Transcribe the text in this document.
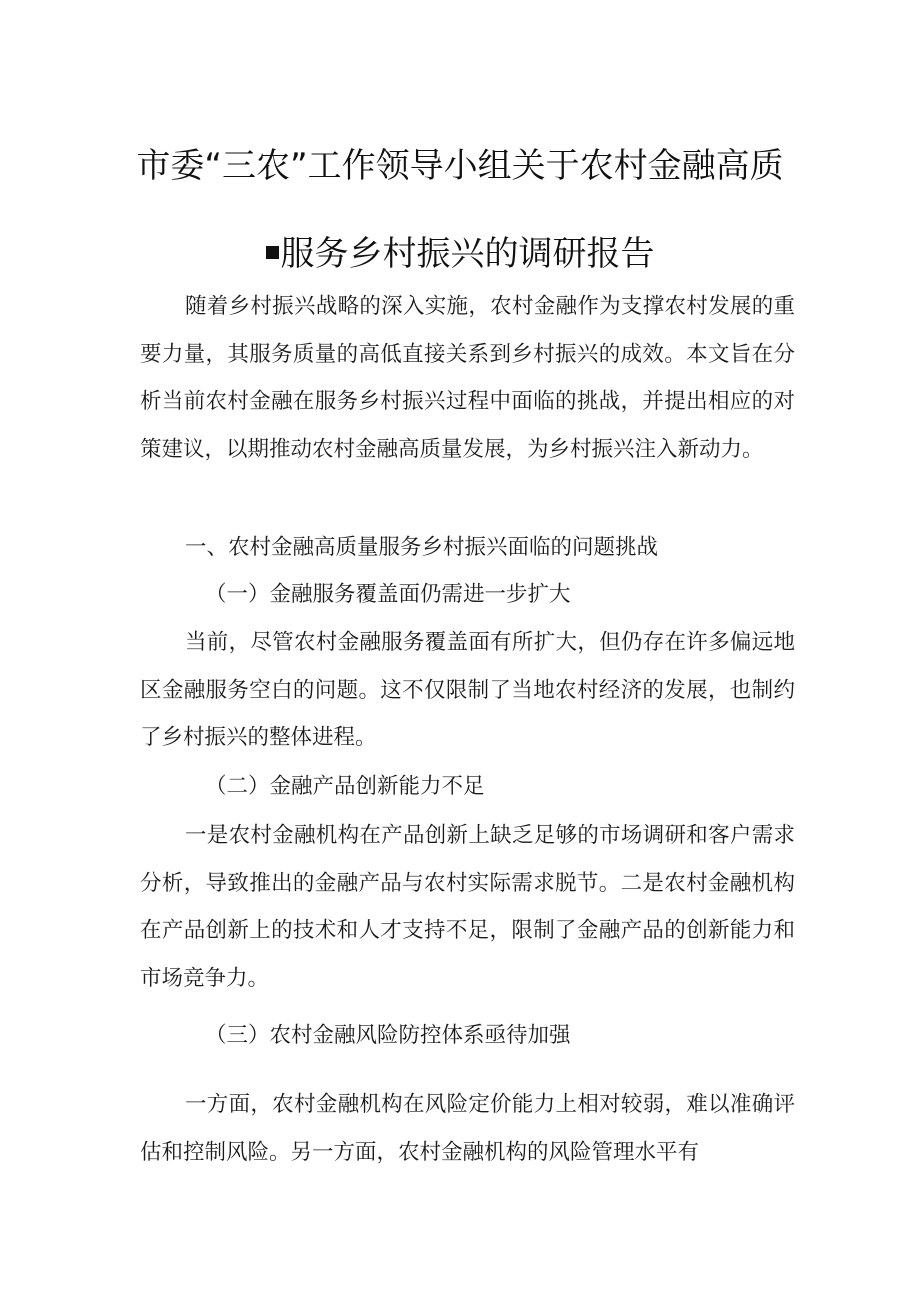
市委“三农”工作领导小组关于农村金融高质
服务乡村振兴的调研报告

随着乡村振兴战略的深入实施，农村金融作为支撑农村发展的重要力量，其服务质量的高低直接关系到乡村振兴的成效。本文旨在分析当前农村金融在服务乡村振兴过程中面临的挑战，并提出相应的对策建议，以期推动农村金融高质量发展，为乡村振兴注入新动力。

一、农村金融高质量服务乡村振兴面临的问题挑战
（一）金融服务覆盖面仍需进一步扩大

当前，尽管农村金融服务覆盖面有所扩大，但仍存在许多偏远地区金融服务空白的问题。这不仅限制了当地农村经济的发展，也制约了乡村振兴的整体进程。

（二）金融产品创新能力不足

一是农村金融机构在产品创新上缺乏足够的市场调研和客户需求分析，导致推出的金融产品与农村实际需求脱节。二是农村金融机构在产品创新上的技术和人才支持不足，限制了金融产品的创新能力和市场竞争力。

（三）农村金融风险防控体系亟待加强

一方面，农村金融机构在风险定价能力上相对较弱，难以准确评估和控制风险。另一方面，农村金融机构的风险管理水平有
